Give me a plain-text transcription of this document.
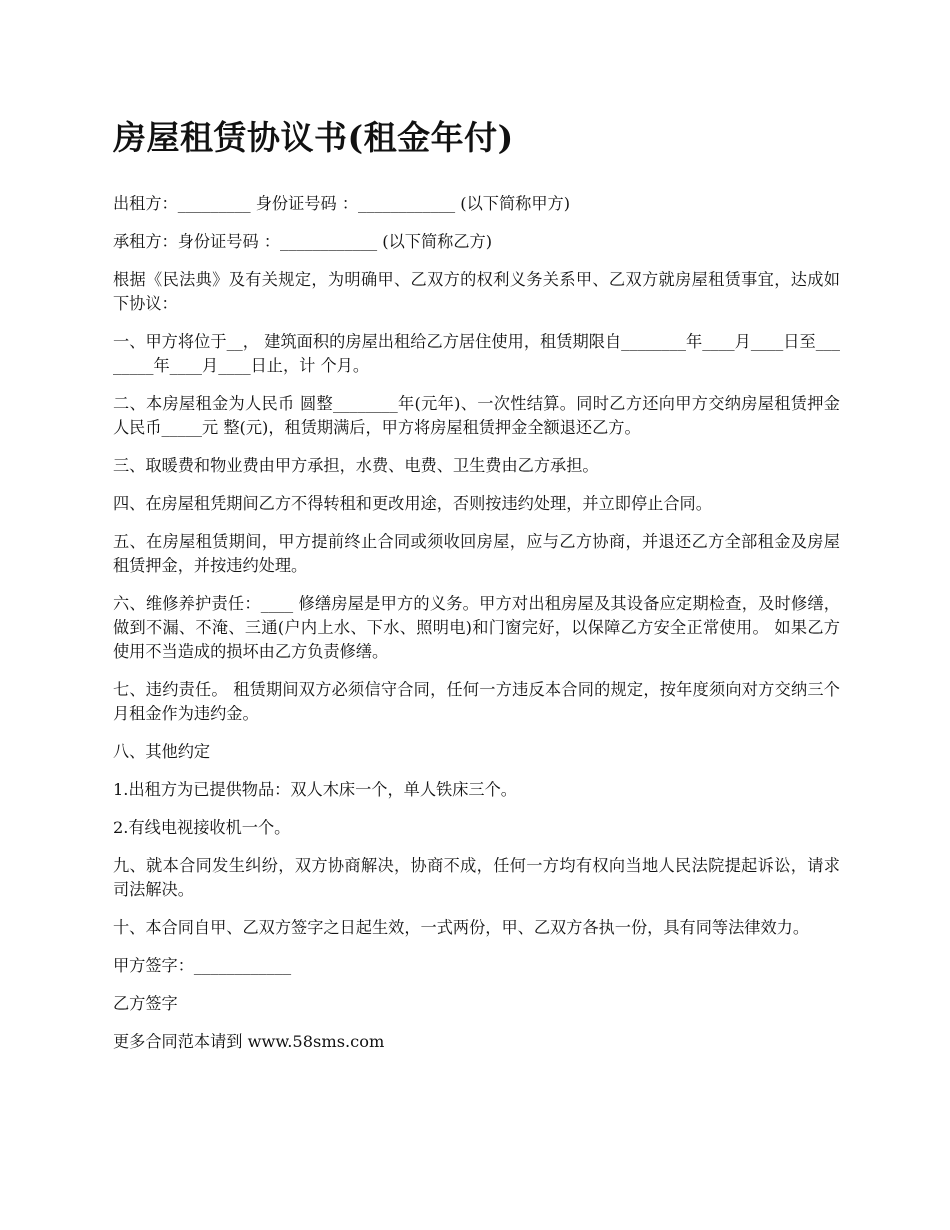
房屋租赁协议书(租金年付)

出租方：_________ 身份证号码 ：____________ (以下简称甲方)

承租方：身份证号码 ：____________ (以下简称乙方)

根据《民法典》及有关规定，为明确甲、乙双方的权利义务关系甲、乙双方就房屋租赁事宜，达成如下协议：

一、甲方将位于__， 建筑面积的房屋出租给乙方居住使用，租赁期限自________年____月____日至________年____月____日止，计 个月。

二、本房屋租金为人民币 圆整________年(元年)、一次性结算。同时乙方还向甲方交纳房屋租赁押金人民币_____元 整(元)，租赁期满后，甲方将房屋租赁押金全额退还乙方。

三、取暖费和物业费由甲方承担，水费、电费、卫生费由乙方承担。

四、在房屋租凭期间乙方不得转租和更改用途，否则按违约处理，并立即停止合同。

五、在房屋租赁期间，甲方提前终止合同或须收回房屋，应与乙方协商，并退还乙方全部租金及房屋租赁押金，并按违约处理。

六、维修养护责任：____ 修缮房屋是甲方的义务。甲方对出租房屋及其设备应定期检查，及时修缮，做到不漏、不淹、三通(户内上水、下水、照明电)和门窗完好，以保障乙方安全正常使用。 如果乙方使用不当造成的损坏由乙方负责修缮。

七、违约责任。 租赁期间双方必须信守合同，任何一方违反本合同的规定，按年度须向对方交纳三个月租金作为违约金。

八、其他约定

1.出租方为已提供物品：双人木床一个，单人铁床三个。

2.有线电视接收机一个。

九、就本合同发生纠纷，双方协商解决，协商不成，任何一方均有权向当地人民法院提起诉讼，请求司法解决。

十、本合同自甲、乙双方签字之日起生效，一式两份，甲、乙双方各执一份，具有同等法律效力。

甲方签字：____________

乙方签字

更多合同范本请到 www.58sms.com
